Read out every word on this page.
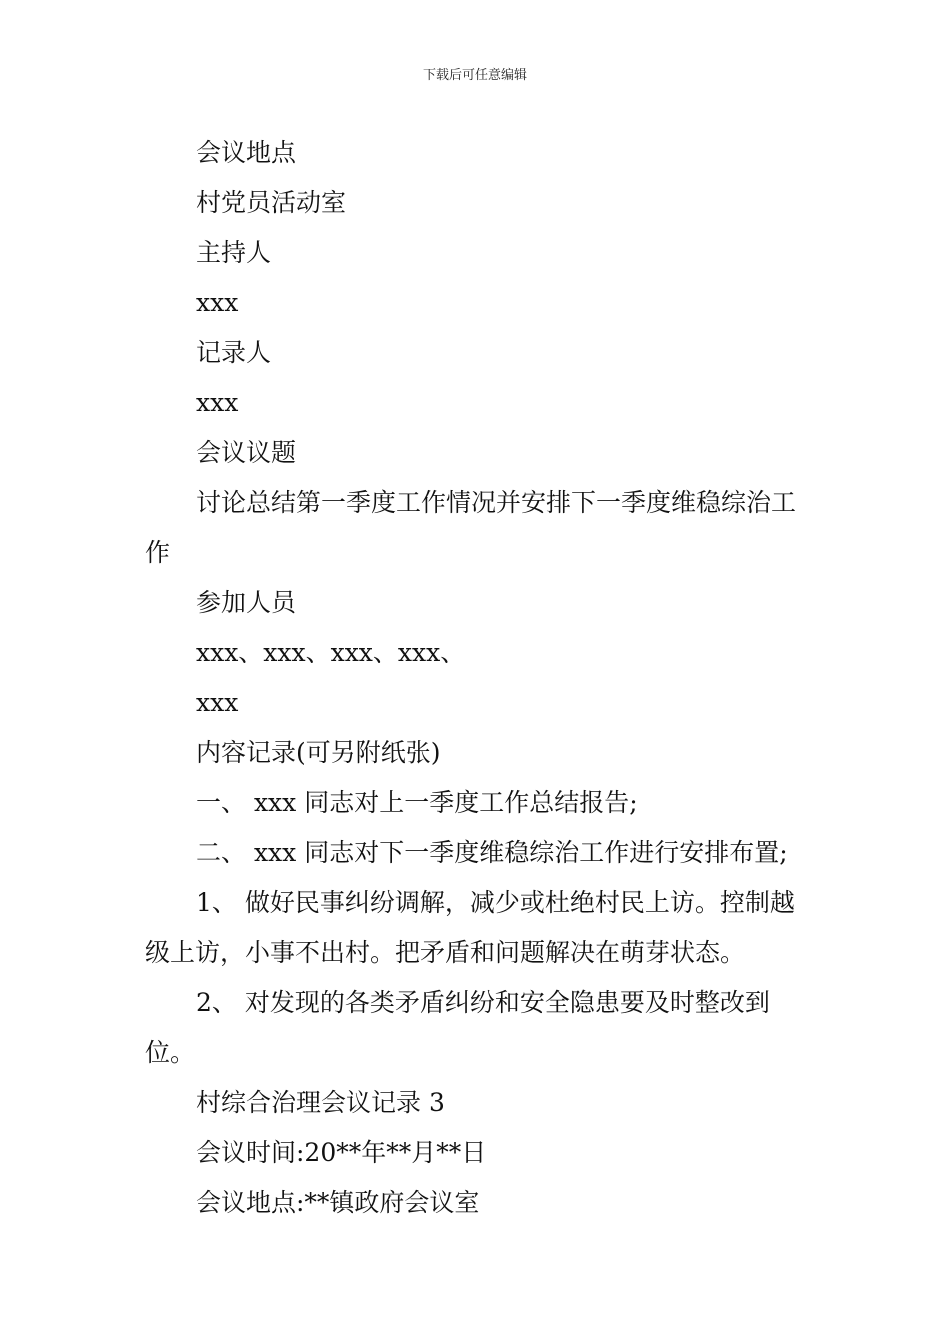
下载后可任意编辑

会议地点

村党员活动室

主持人

xxx

记录人

xxx

会议议题

讨论总结第一季度工作情况并安排下一季度维稳综治工作

参加人员

xxx、xxx、xxx、xxx、

xxx

内容记录(可另附纸张)

一、 xxx 同志对上一季度工作总结报告;

二、 xxx 同志对下一季度维稳综治工作进行安排布置;

1、 做好民事纠纷调解，减少或杜绝村民上访。控制越级上访，小事不出村。把矛盾和问题解决在萌芽状态。

2、 对发现的各类矛盾纠纷和安全隐患要及时整改到位。

村综合治理会议记录 3

会议时间:20**年**月**日

会议地点:**镇政府会议室
